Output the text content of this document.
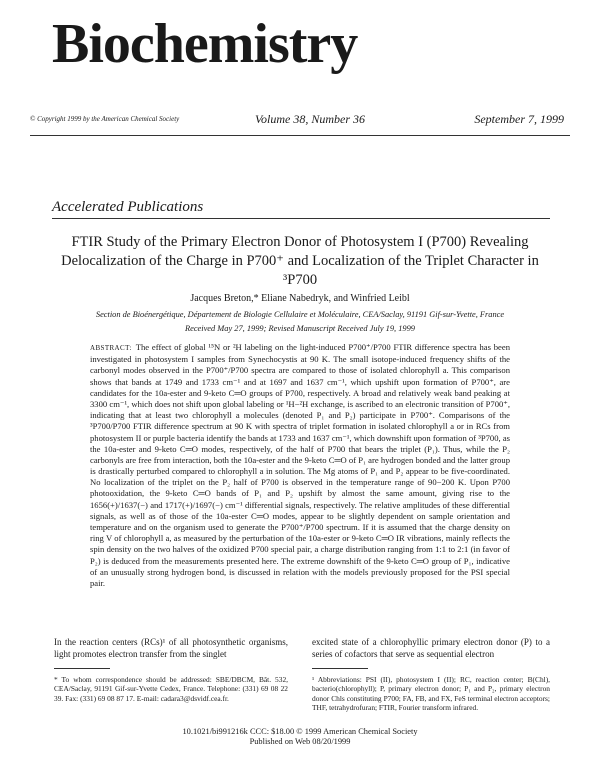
Biochemistry
© Copyright 1999 by the American Chemical Society	Volume 38, Number 36	September 7, 1999
Accelerated Publications
FTIR Study of the Primary Electron Donor of Photosystem I (P700) Revealing Delocalization of the Charge in P700⁺ and Localization of the Triplet Character in ³P700
Jacques Breton,* Eliane Nabedryk, and Winfried Leibl
Section de Bioénergétique, Département de Biologie Cellulaire et Moléculaire, CEA/Saclay, 91191 Gif-sur-Yvette, France
Received May 27, 1999; Revised Manuscript Received July 19, 1999
ABSTRACT: The effect of global ¹⁵N or ²H labeling on the light-induced P700⁺/P700 FTIR difference spectra has been investigated in photosystem I samples from Synechocystis at 90 K. The small isotope-induced frequency shifts of the carbonyl modes observed in the P700⁺/P700 spectra are compared to those of isolated chlorophyll a. This comparison shows that bands at 1749 and 1733 cm⁻¹ and at 1697 and 1637 cm⁻¹, which upshift upon formation of P700⁺, are candidates for the 10a-ester and 9-keto C═O groups of P700, respectively. A broad and relatively weak band peaking at 3300 cm⁻¹, which does not shift upon global labeling or ¹H−²H exchange, is ascribed to an electronic transition of P700⁺, indicating that at least two chlorophyll a molecules (denoted P₁ and P₂) participate in P700⁺. Comparisons of the ³P700/P700 FTIR difference spectrum at 90 K with spectra of triplet formation in isolated chlorophyll a or in RCs from photosystem II or purple bacteria identify the bands at 1733 and 1637 cm⁻¹, which downshift upon formation of ³P700, as the 10a-ester and 9-keto C═O modes, respectively, of the half of P700 that bears the triplet (P₁). Thus, while the P₂ carbonyls are free from interaction, both the 10a-ester and the 9-keto C═O of P₁ are hydrogen bonded and the latter group is drastically perturbed compared to chlorophyll a in solution. The Mg atoms of P₁ and P₂ appear to be five-coordinated. No localization of the triplet on the P₂ half of P700 is observed in the temperature range of 90−200 K. Upon P700 photooxidation, the 9-keto C═O bands of P₁ and P₂ upshift by almost the same amount, giving rise to the 1656(+)/1637(−) and 1717(+)/1697(−) cm⁻¹ differential signals, respectively. The relative amplitudes of these differential signals, as well as of those of the 10a-ester C═O modes, appear to be slightly dependent on sample orientation and temperature and on the organism used to generate the P700⁺/P700 spectrum. If it is assumed that the charge density on ring V of chlorophyll a, as measured by the perturbation of the 10a-ester or 9-keto C═O IR vibrations, mainly reflects the spin density on the two halves of the oxidized P700 special pair, a charge distribution ranging from 1:1 to 2:1 (in favor of P₂) is deduced from the measurements presented here. The extreme downshift of the 9-keto C═O group of P₁, indicative of an unusually strong hydrogen bond, is discussed in relation with the models previously proposed for the PSI special pair.
In the reaction centers (RCs)¹ of all photosynthetic organisms, light promotes electron transfer from the singlet
excited state of a chlorophyllic primary electron donor (P) to a series of cofactors that serve as sequential electron
* To whom correspondence should be addressed: SBE/DBCM, Bât. 532, CEA/Saclay, 91191 Gif-sur-Yvette Cedex, France. Telephone: (331) 69 08 22 39. Fax: (331) 69 08 87 17. E-mail: cadara3@dsvidf.cea.fr.
¹ Abbreviations: PSI (II), photosystem I (II); RC, reaction center; B(Chl), bacterio(chlorophyll); P, primary electron donor; P₁ and P₂, primary electron donor Chls constituting P700; FA, FB, and FX, FeS terminal electron acceptors; THF, tetrahydrofuran; FTIR, Fourier transform infrared.
10.1021/bi991216k CCC: $18.00 © 1999 American Chemical Society
Published on Web 08/20/1999
